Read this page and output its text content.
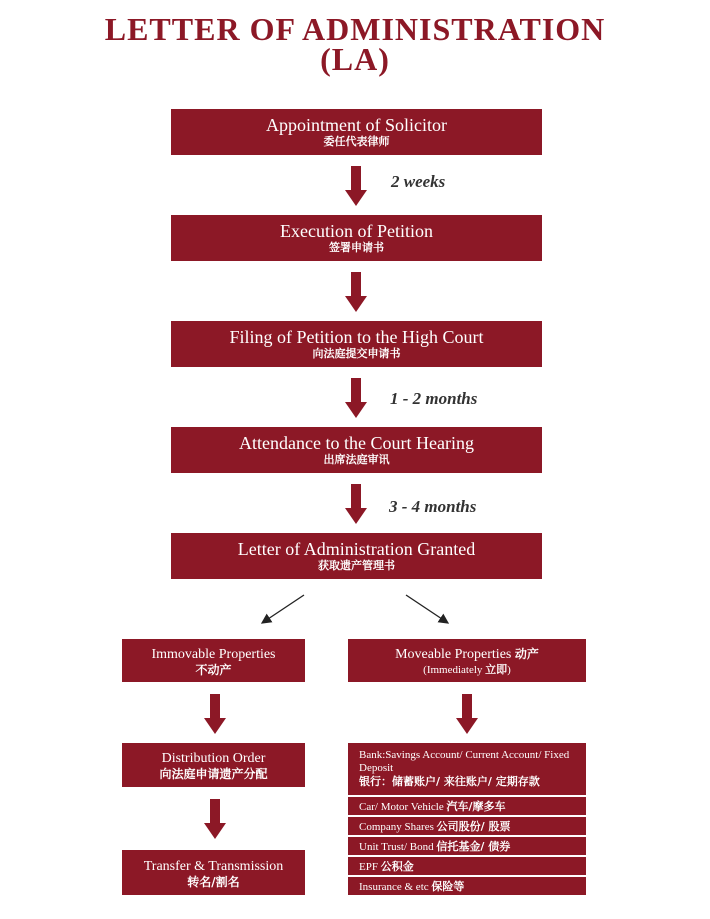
LETTER OF ADMINISTRATION
(LA)
Appointment of Solicitor
委任代表律师
2 weeks
Execution of Petition
签署申请书
Filing of Petition to the High Court
向法庭提交申请书
1 - 2 months
Attendance to the Court Hearing
出席法庭审讯
3 - 4 months
Letter of Administration Granted
获取遗产管理书
Immovable Properties
不动产
Distribution Order
向法庭申请遗产分配
Transfer & Transmission
转名/割名
Moveable Properties 动产
(Immediately 立即)
Bank:Savings Account/ Current Account/ Fixed Deposit
银行：储蓄账户/ 来往账户/ 定期存款
Car/ Motor Vehicle 汽车/摩多车
Company Shares 公司股份/ 股票
Unit Trust/ Bond 信托基金/ 债券
EPF 公积金
Insurance & etc 保险等
